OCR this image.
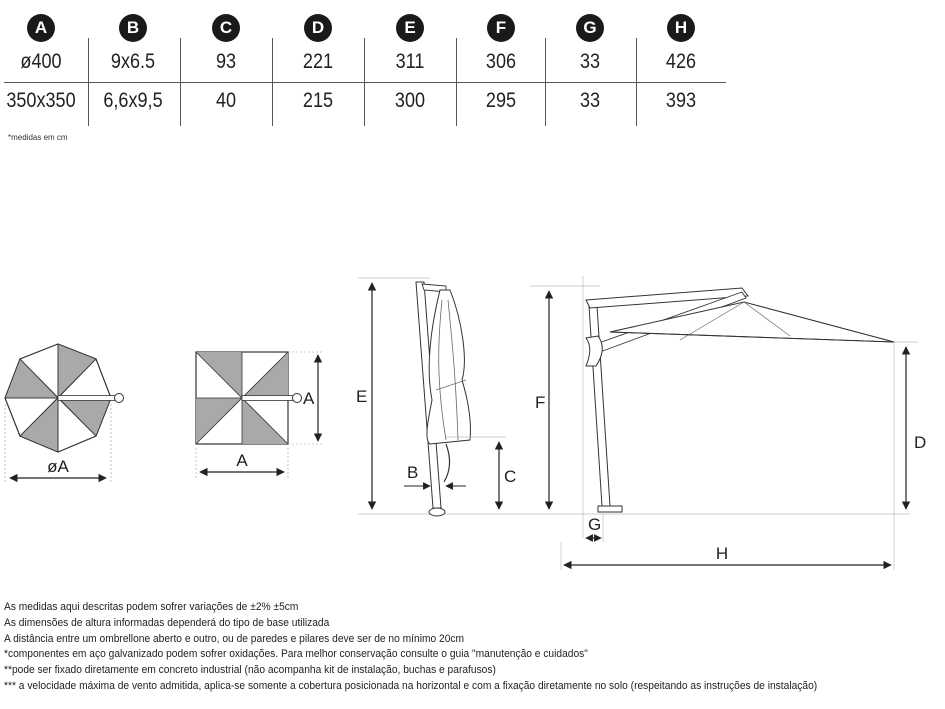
A	B	C	D	E	F	G	H
ø400	9x6.5	93	221	311	306	33	426
350x350	6,6x9,5	40	215	300	295	33	393
*medidas em cm
øA
A
A
E
B	C
F
D
G
H
As medidas aqui descritas podem sofrer variações de ±2% ±5cm
As dimensões de altura informadas dependerá do tipo de base utilizada
A distância entre um ombrellone aberto e outro, ou de paredes e pilares deve ser de no mínimo 20cm
*componentes em aço galvanizado podem sofrer oxidações. Para melhor conservação consulte o guia "manutenção e cuidados"
**pode ser fixado diretamente em concreto industrial (não acompanha kit de instalação, buchas e parafusos)
*** a velocidade máxima de vento admitida, aplica-se somente a cobertura posicionada na horizontal e com a fixação diretamente no solo (respeitando as instruções de instalação)
